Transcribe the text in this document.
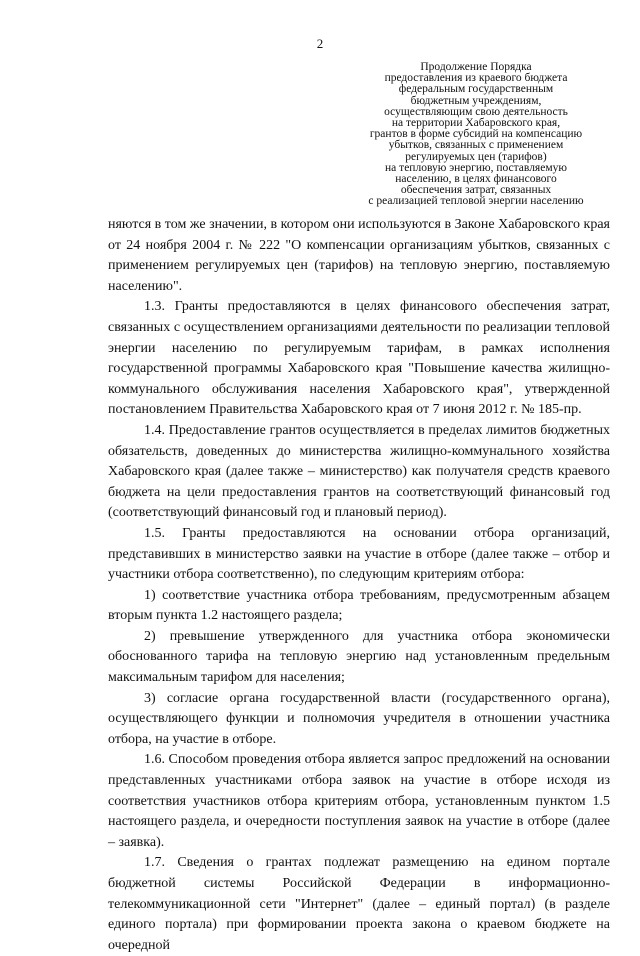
2
Продолжение Порядка
предоставления из краевого бюджета
федеральным государственным
бюджетным учреждениям,
осуществляющим свою деятельность
на территории Хабаровского края,
грантов в форме субсидий на компенсацию
убытков, связанных с применением
регулируемых цен (тарифов)
на тепловую энергию, поставляемую
населению, в целях финансового
обеспечения затрат, связанных
с реализацией тепловой энергии населению

няются в том же значении, в котором они используются в Законе Хабаровского края от 24 ноября 2004 г. № 222 "О компенсации организациям убытков, связанных с применением регулируемых цен (тарифов) на тепловую энергию, поставляемую населению".

1.3. Гранты предоставляются в целях финансового обеспечения затрат, связанных с осуществлением организациями деятельности по реализации тепловой энергии населению по регулируемым тарифам, в рамках исполнения государственной программы Хабаровского края "Повышение качества жилищно-коммунального обслуживания населения Хабаровского края", утвержденной постановлением Правительства Хабаровского края от 7 июня 2012 г. № 185-пр.

1.4. Предоставление грантов осуществляется в пределах лимитов бюджетных обязательств, доведенных до министерства жилищно-коммунального хозяйства Хабаровского края (далее также – министерство) как получателя средств краевого бюджета на цели предоставления грантов на соответствующий финансовый год (соответствующий финансовый год и плановый период).

1.5. Гранты предоставляются на основании отбора организаций, представивших в министерство заявки на участие в отборе (далее также – отбор и участники отбора соответственно), по следующим критериям отбора:

1) соответствие участника отбора требованиям, предусмотренным абзацем вторым пункта 1.2 настоящего раздела;

2) превышение утвержденного для участника отбора экономически обоснованного тарифа на тепловую энергию над установленным предельным максимальным тарифом для населения;

3) согласие органа государственной власти (государственного органа), осуществляющего функции и полномочия учредителя в отношении участника отбора, на участие в отборе.

1.6. Способом проведения отбора является запрос предложений на основании представленных участниками отбора заявок на участие в отборе исходя из соответствия участников отбора критериям отбора, установленным пунктом 1.5 настоящего раздела, и очередности поступления заявок на участие в отборе (далее – заявка).

1.7. Сведения о грантах подлежат размещению на едином портале бюджетной системы Российской Федерации в информационно-телекоммуникационной сети "Интернет" (далее – единый портал) (в разделе единого портала) при формировании проекта закона о краевом бюджете на очередной
